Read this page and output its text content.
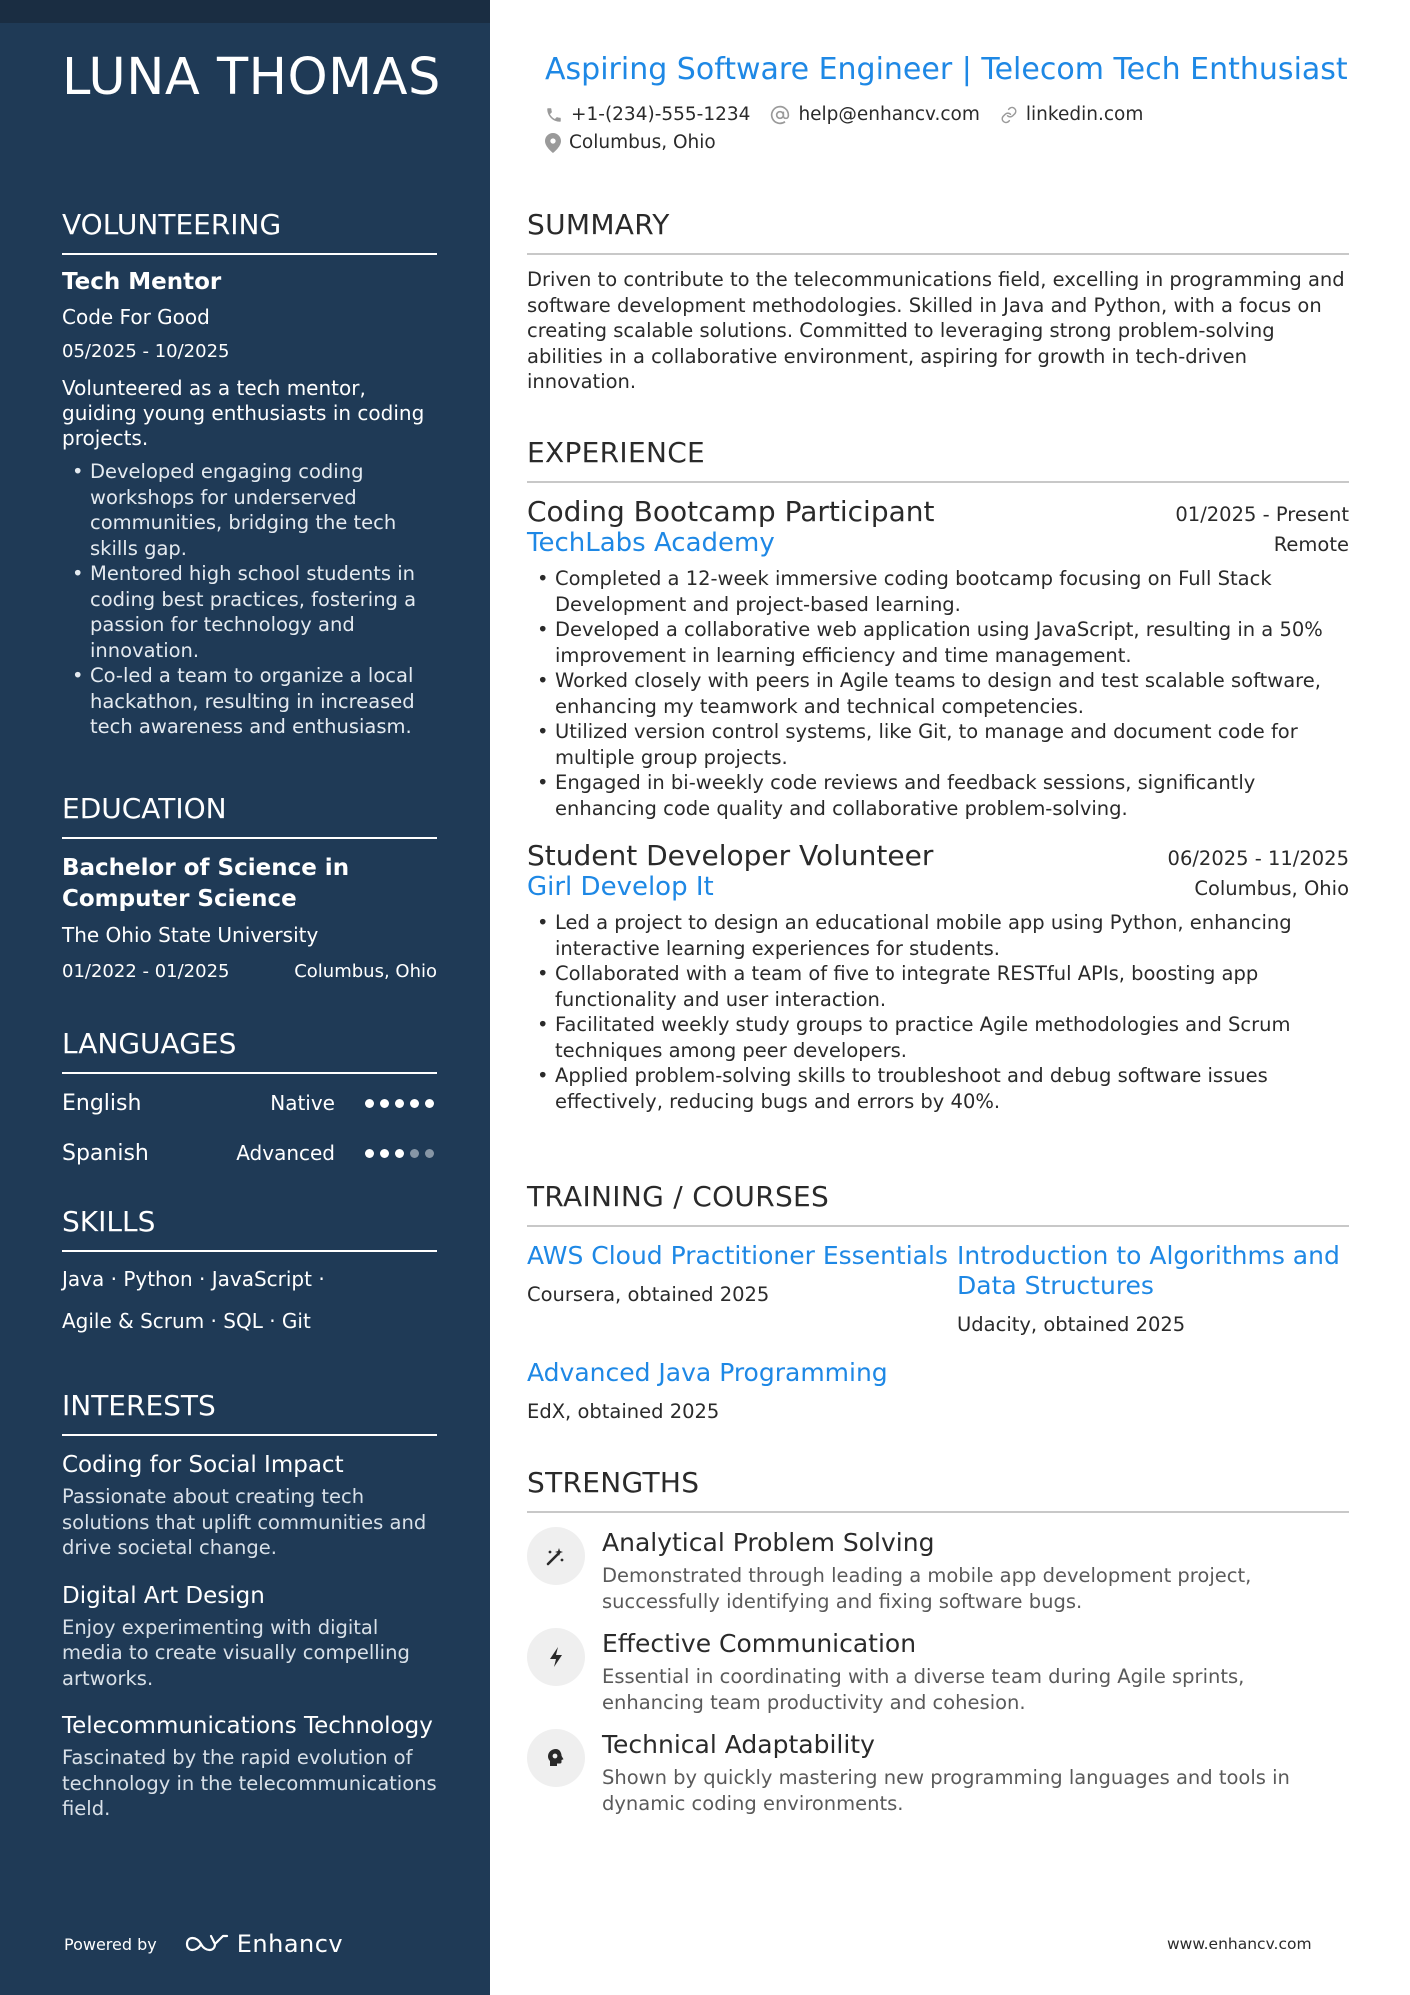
LUNA THOMAS
VOLUNTEERING
Tech Mentor
Code For Good
05/2025 - 10/2025
Volunteered as a tech mentor, guiding young enthusiasts in coding projects.
• Developed engaging coding workshops for underserved communities, bridging the tech skills gap.
• Mentored high school students in coding best practices, fostering a passion for technology and innovation.
• Co-led a team to organize a local hackathon, resulting in increased tech awareness and enthusiasm.
EDUCATION
Bachelor of Science in Computer Science
The Ohio State University
01/2022 - 01/2025	Columbus, Ohio
LANGUAGES
English	Native
Spanish	Advanced
SKILLS
Java · Python · JavaScript ·
Agile & Scrum · SQL · Git
INTERESTS
Coding for Social Impact
Passionate about creating tech solutions that uplift communities and drive societal change.
Digital Art Design
Enjoy experimenting with digital media to create visually compelling artworks.
Telecommunications Technology
Fascinated by the rapid evolution of technology in the telecommunications field.
Powered by	Enhancv
Aspiring Software Engineer | Telecom Tech Enthusiast
+1-(234)-555-1234	help@enhancv.com linkedin.com
Columbus, Ohio
SUMMARY

Driven to contribute to the telecommunications field, excelling in programming and software development methodologies. Skilled in Java and Python, with a focus on creating scalable solutions. Committed to leveraging strong problem-solving abilities in a collaborative environment, aspiring for growth in tech-driven innovation.

EXPERIENCE
Coding Bootcamp Participant	01/2025 - Present
TechLabs Academy	Remote
• Completed a 12-week immersive coding bootcamp focusing on Full Stack Development and project-based learning.
• Developed a collaborative web application using JavaScript, resulting in a 50% improvement in learning efficiency and time management.
• Worked closely with peers in Agile teams to design and test scalable software, enhancing my teamwork and technical competencies.
• Utilized version control systems, like Git, to manage and document code for multiple group projects.
• Engaged in bi-weekly code reviews and feedback sessions, significantly enhancing code quality and collaborative problem-solving.
Student Developer Volunteer	06/2025 - 11/2025
Girl Develop It	Columbus, Ohio
• Led a project to design an educational mobile app using Python, enhancing interactive learning experiences for students.
• Collaborated with a team of five to integrate RESTful APIs, boosting app functionality and user interaction.
• Facilitated weekly study groups to practice Agile methodologies and Scrum techniques among peer developers.
• Applied problem-solving skills to troubleshoot and debug software issues effectively, reducing bugs and errors by 40%.
TRAINING / COURSES
AWS Cloud Practitioner Essentials
Coursera, obtained 2025
Introduction to Algorithms and Data Structures
Udacity, obtained 2025
Advanced Java Programming
EdX, obtained 2025
STRENGTHS
Analytical Problem Solving
Demonstrated through leading a mobile app development project, successfully identifying and fixing software bugs.
Effective Communication
Essential in coordinating with a diverse team during Agile sprints, enhancing team productivity and cohesion.
Technical Adaptability
Shown by quickly mastering new programming languages and tools in dynamic coding environments.
www.enhancv.com
